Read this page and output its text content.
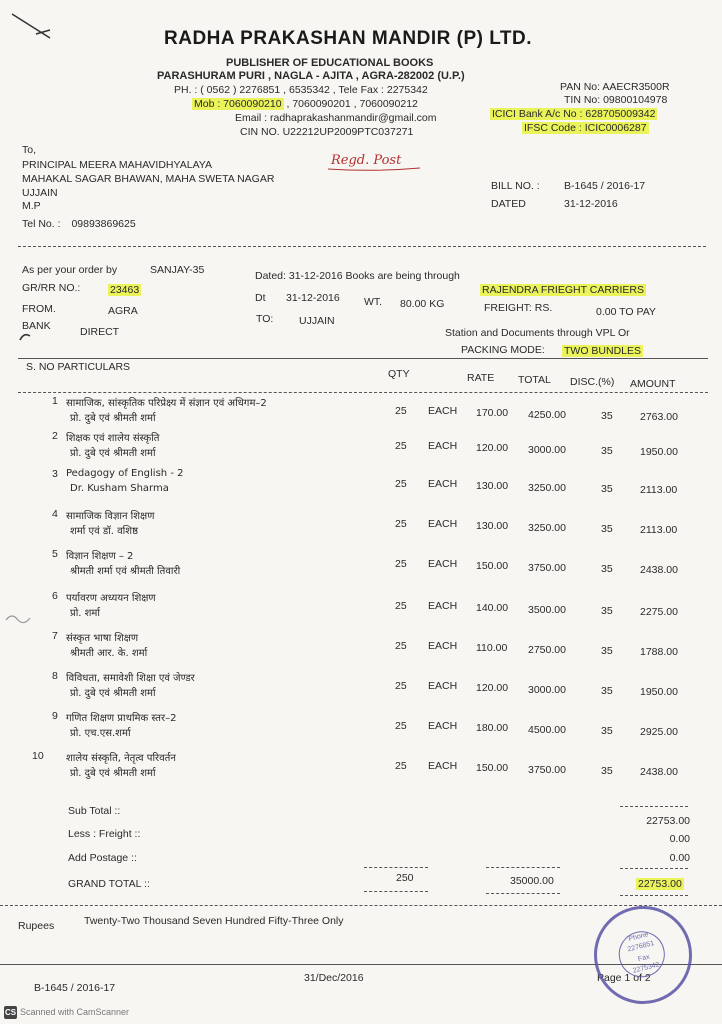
RADHA PRAKASHAN MANDIR (P) LTD.
PUBLISHER OF EDUCATIONAL BOOKS
PARASHURAM PURI , NAGLA - AJITA , AGRA-282002 (U.P.)
PH. : ( 0562 ) 2276851 , 6535342 , Tele Fax : 2275342
Mob : 7060090210 , 7060090201 , 7060090212
Email : radhaprakashanmandir@gmail.com
CIN NO. U22212UP2009PTC037271
PAN No: AAECR3500R
TIN No: 09800104978
ICICI Bank A/c No : 628705009342
IFSC Code : ICIC0006287
Regd. Post
To,
PRINCIPAL MEERA MAHAVIDHYALAYA
MAHAKAL SAGAR BHAWAN, MAHA SWETA NAGAR
UJJAIN
M.P
Tel No. : 09893869625
BILL NO. : B-1645 / 2016-17
DATED	31-12-2016
As per your order by	SANJAY-35	Dated: 31-12-2016 Books are being through
RAJENDRA FRIEGHT CARRIERS
GR/RR NO.:	23463
Dt 31-12-2016 WT. 80.00 KG	FREIGHT: RS.	0.00 TO PAY
FROM.	AGRA
TO: UJJAIN
Station and Documents through VPL Or
BANK	DIRECT
PACKING MODE: TWO BUNDLES
S. NO PARTICULARS
QTY	RATE TOTAL DISC.(%) AMOUNT
1 सामाजिक, सांस्कृतिक परिप्रेक्ष्य में संज्ञान एवं अधिगम–2
प्रो. दुबे एवं श्रीमती शर्मा
25 EACH 170.00 4250.00	35	2763.00
2 शिक्षक एवं शालेय संस्कृति
प्रो. दुबे एवं श्रीमती शर्मा
25 EACH 120.00 3000.00	35	1950.00
3 Pedagogy of English - 2
Dr. Kusham Sharma	25 EACH 130.00 3250.00	35	2113.00
4 सामाजिक विज्ञान शिक्षण
शर्मा एवं डॉ. वशिष्ठ
25 EACH 130.00 3250.00	35	2113.00
5 विज्ञान शिक्षण – 2
श्रीमती शर्मा एवं श्रीमती तिवारी
25 EACH 150.00 3750.00	35	2438.00
6 पर्यावरण अध्ययन शिक्षण
प्रो. शर्मा
25 EACH 140.00 3500.00	35	2275.00
7 संस्कृत भाषा शिक्षण
श्रीमती आर. के. शर्मा
25 EACH 110.00 2750.00	35	1788.00
8 विविधता, समावेशी शिक्षा एवं जेण्डर
प्रो. दुबे एवं श्रीमती शर्मा
25 EACH 120.00 3000.00	35	1950.00
9 गणित शिक्षण प्राथमिक स्तर–2
प्रो. एच.एस.शर्मा
25 EACH 180.00 4500.00	35	2925.00
10 शालेय संस्कृति, नेतृत्व परिवर्तन
प्रो. दुबे एवं श्रीमती शर्मा
25 EACH 150.00 3750.00	35	2438.00
Sub Total ::
22753.00
Less : Freight ::	0.00
Add Postage ::	0.00
GRAND TOTAL ::	250	35000.00	22753.00
Rupees	Twenty-Two Thousand Seven Hundred Fifty-Three Only
B-1645 / 2016-17
31/Dec/2016	Page 1 of 2
Phone
2276851
Fax
2275342
CS Scanned with CamScanner
